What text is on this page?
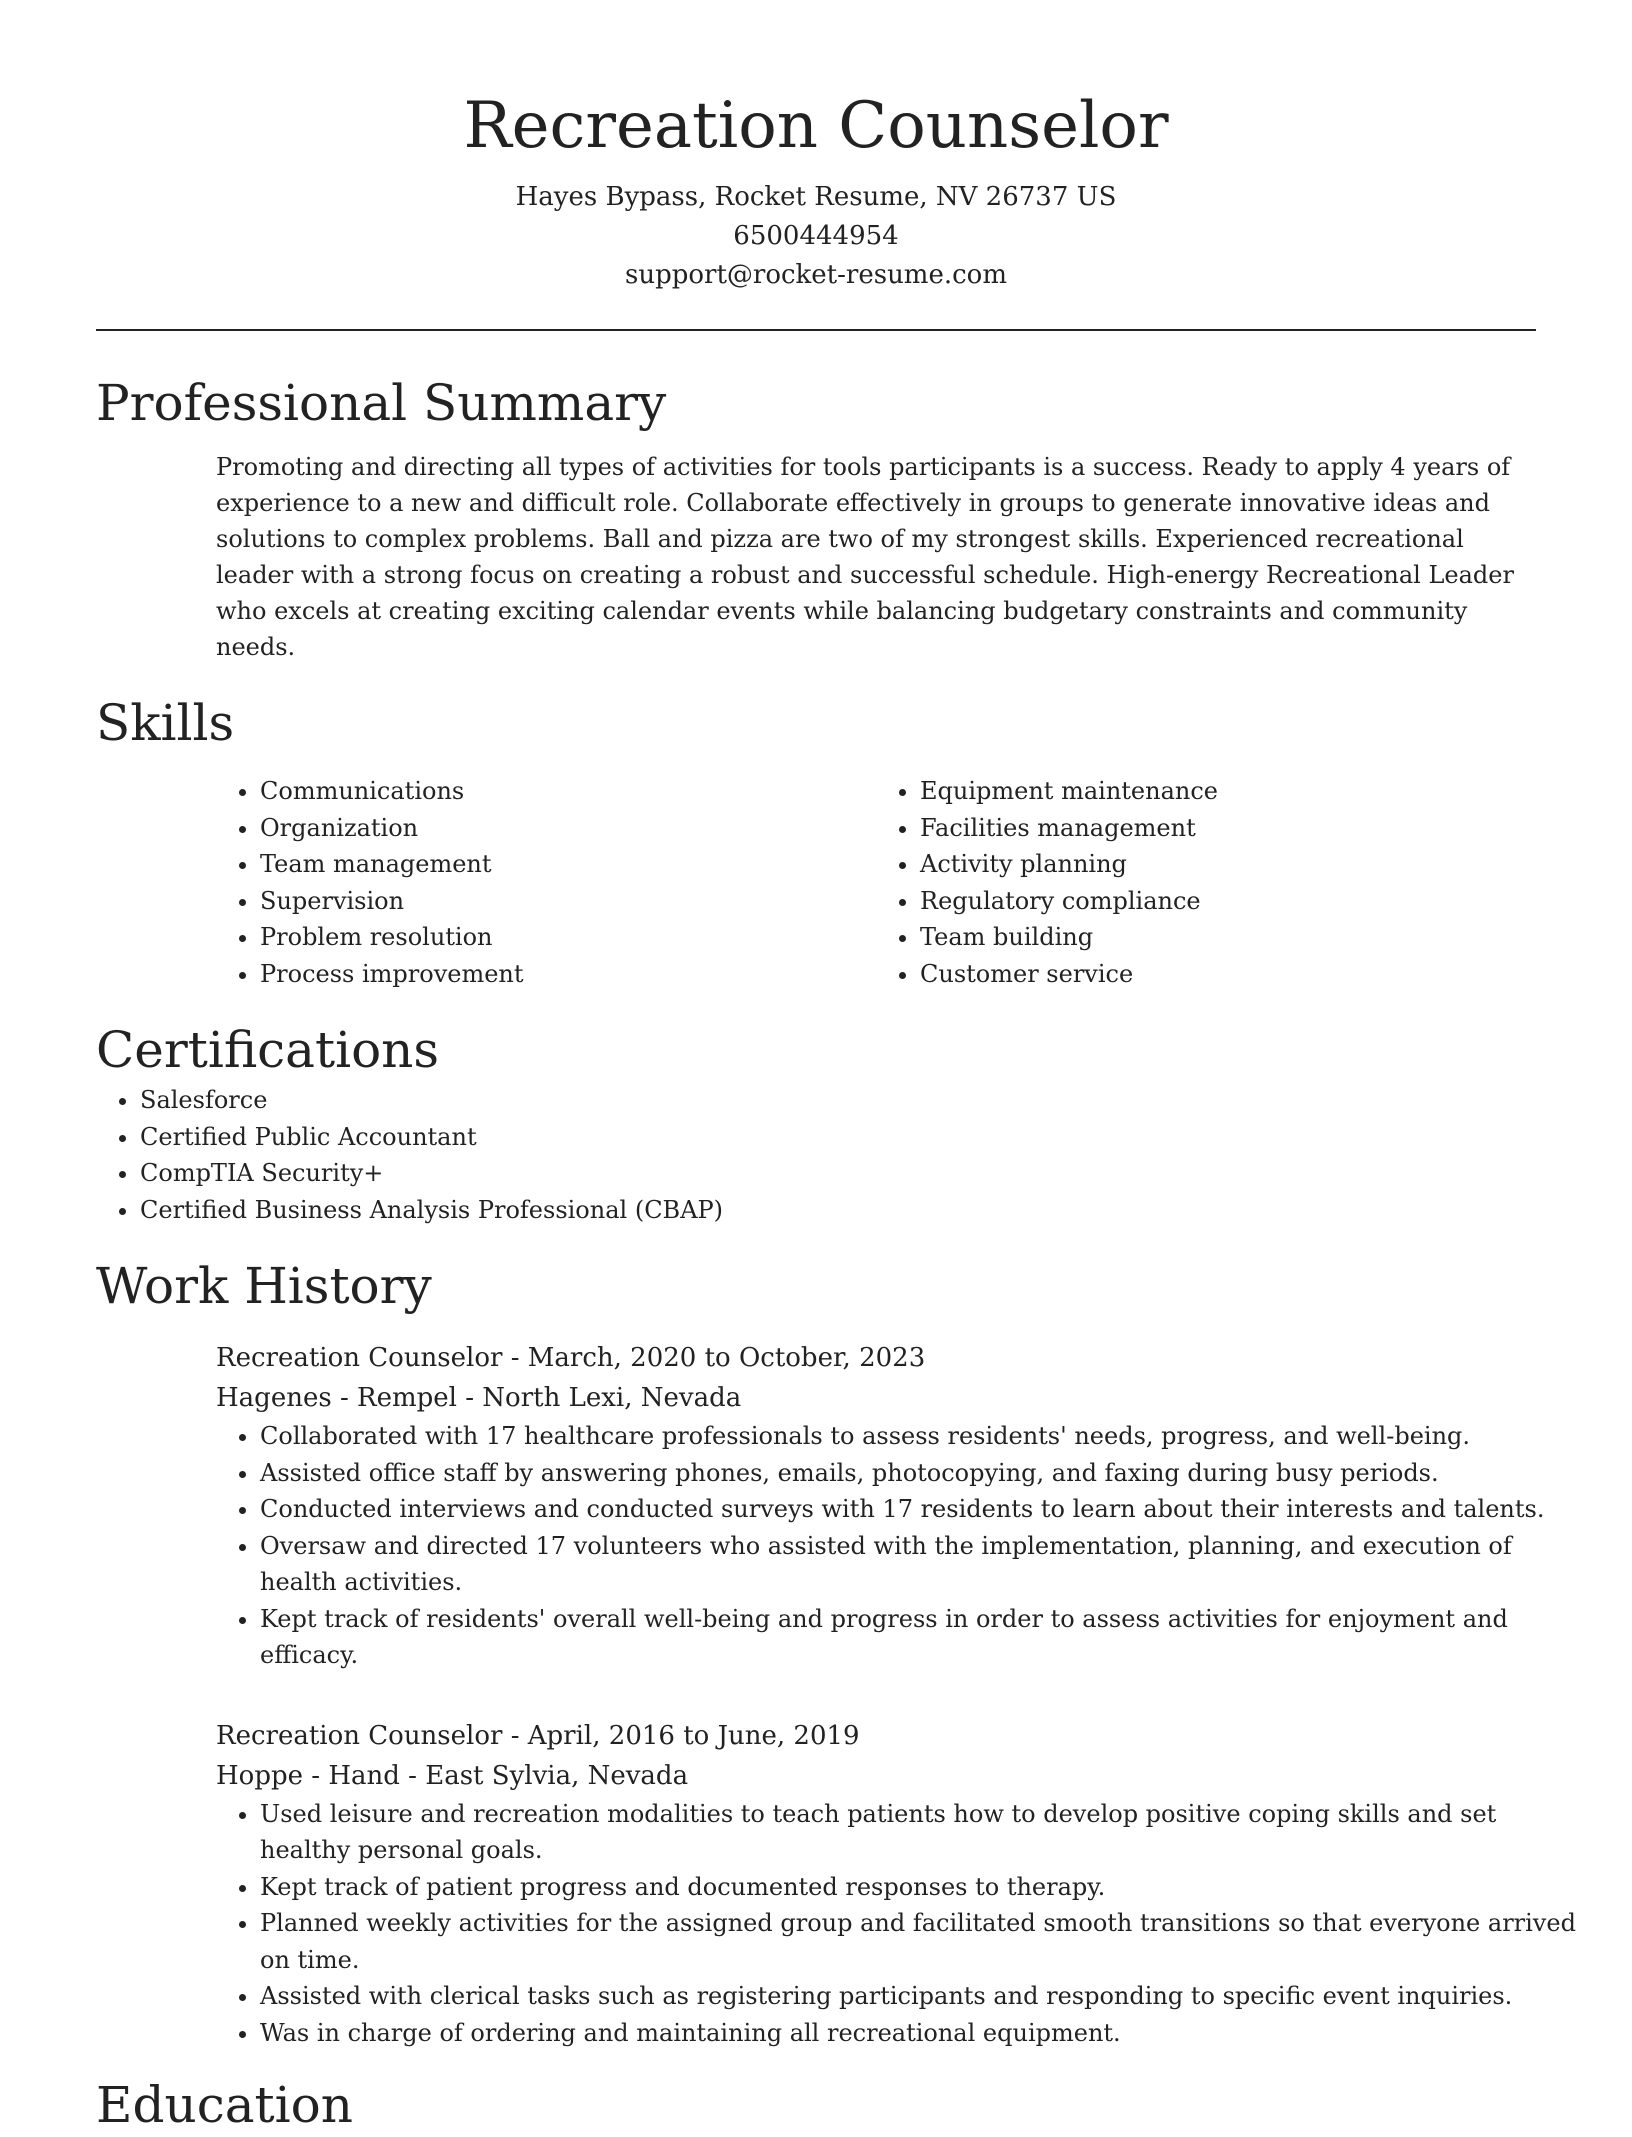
Recreation Counselor
Hayes Bypass, Rocket Resume, NV 26737 US
6500444954
support@rocket-resume.com
Professional Summary

Promoting and directing all types of activities for tools participants is a success. Ready to apply 4 years of experience to a new and difficult role. Collaborate effectively in groups to generate innovative ideas and solutions to complex problems. Ball and pizza are two of my strongest skills. Experienced recreational leader with a strong focus on creating a robust and successful schedule. High-energy Recreational Leader who excels at creating exciting calendar events while balancing budgetary constraints and community needs.

Skills
• Communications
• Organization
• Team management
• Supervision
• Problem resolution
• Process improvement
• Equipment maintenance
• Facilities management
• Activity planning
• Regulatory compliance
• Team building
• Customer service
Certifications
• Salesforce
• Certified Public Accountant
• CompTIA Security+
• Certified Business Analysis Professional (CBAP)
Work History
Recreation Counselor - March, 2020 to October, 2023
Hagenes - Rempel - North Lexi, Nevada
• Collaborated with 17 healthcare professionals to assess residents' needs, progress, and well-being.
• Assisted office staff by answering phones, emails, photocopying, and faxing during busy periods.
• Conducted interviews and conducted surveys with 17 residents to learn about their interests and talents.
• Oversaw and directed 17 volunteers who assisted with the implementation, planning, and execution of health activities.
• Kept track of residents' overall well-being and progress in order to assess activities for enjoyment and efficacy.
Recreation Counselor - April, 2016 to June, 2019
Hoppe - Hand - East Sylvia, Nevada
• Used leisure and recreation modalities to teach patients how to develop positive coping skills and set healthy personal goals.
• Kept track of patient progress and documented responses to therapy.
• Planned weekly activities for the assigned group and facilitated smooth transitions so that everyone arrived on time.
• Assisted with clerical tasks such as registering participants and responding to specific event inquiries.
• Was in charge of ordering and maintaining all recreational equipment.
Education
